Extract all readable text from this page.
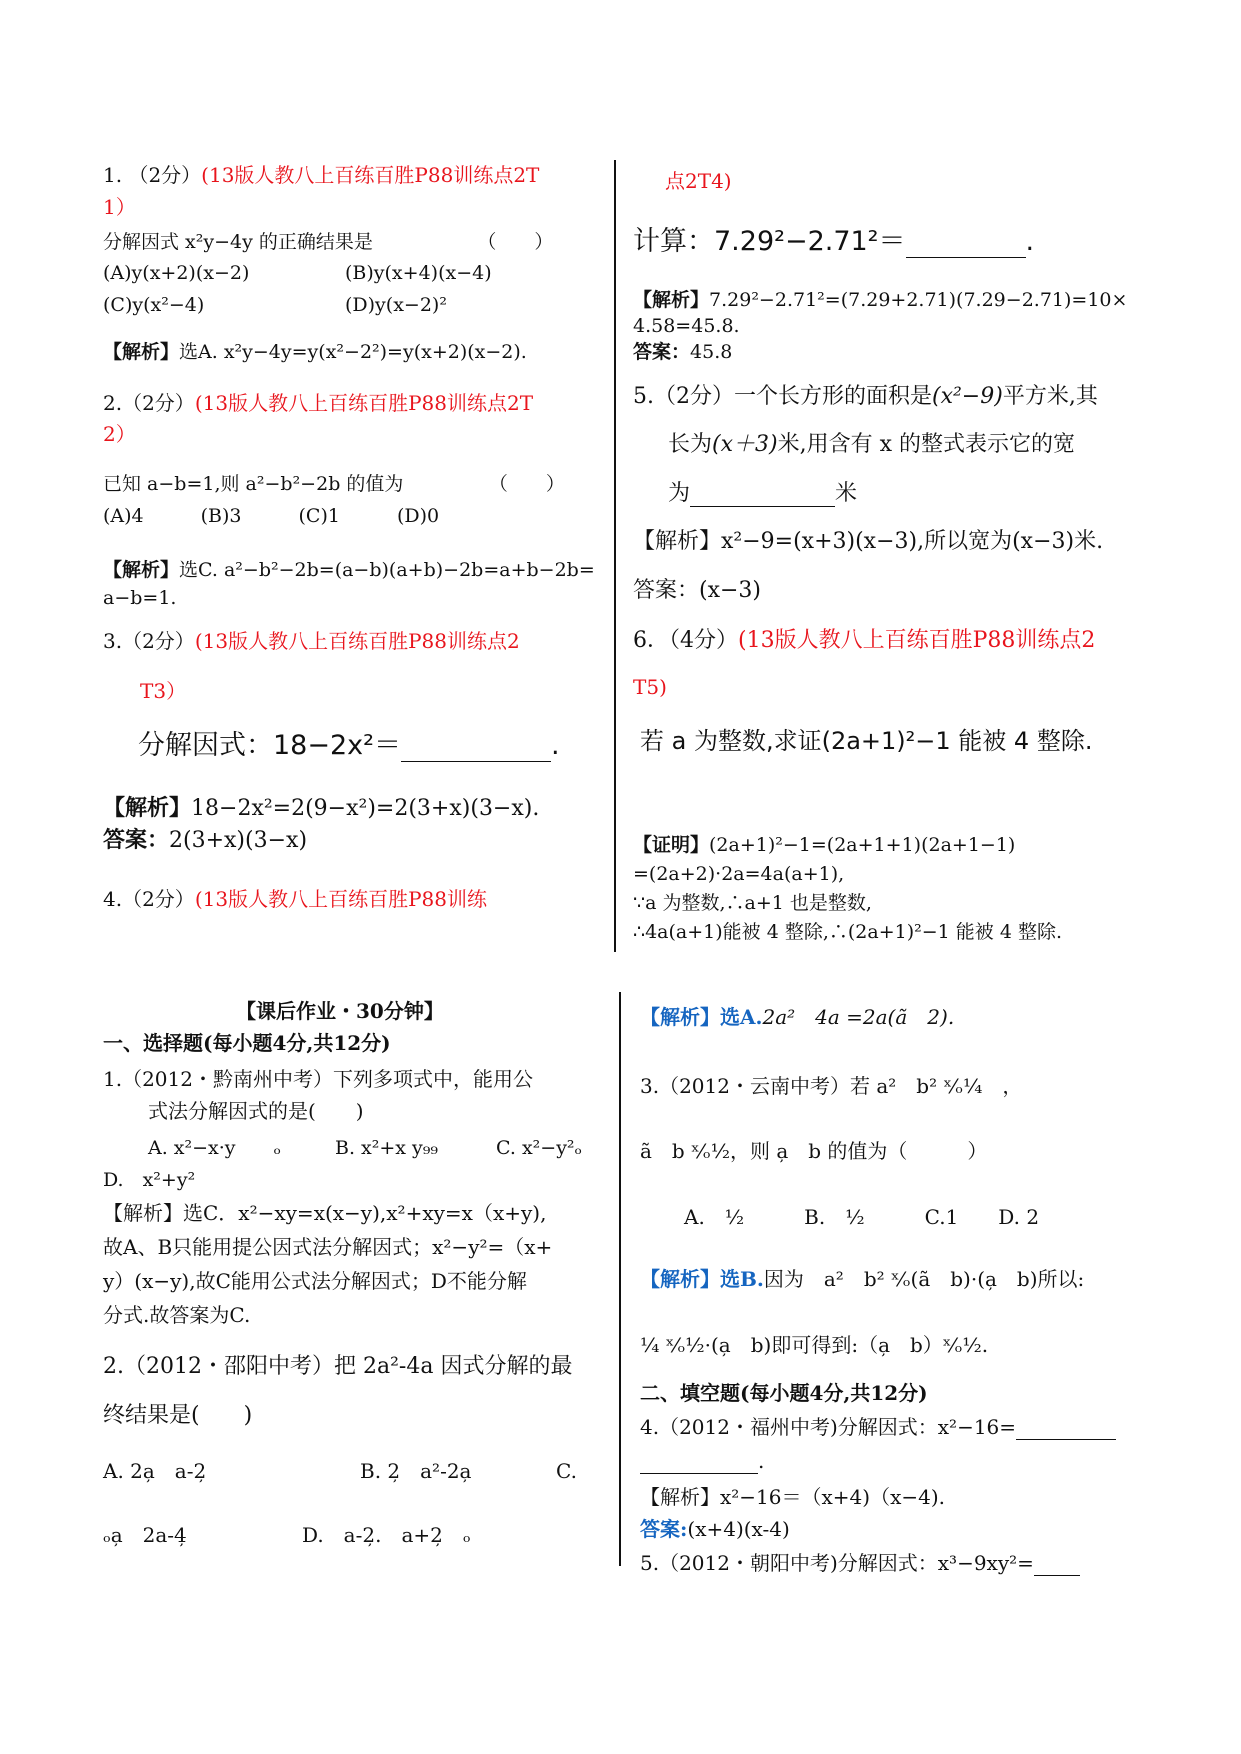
1. （2分）(13版人教八上百练百胜P88训练点2T
1）
分解因式 x²y−4y 的正确结果是　　　　　　（　　）
(A)y(x+2)(x−2)	(B)y(x+4)(x−4)
(C)y(x²−4)	(D)y(x−2)²
【解析】选A. x²y−4y=y(x²−2²)=y(x+2)(x−2).
2.（2分）(13版人教八上百练百胜P88训练点2T
2）
已知 a−b=1,则 a²−b²−2b 的值为　　　　　（　　）
(A)4　　　(B)3　　　(C)1　　　(D)0
【解析】选C. a²−b²−2b=(a−b)(a+b)−2b=a+b−2b=
a−b=1.
3.（2分）(13版人教八上百练百胜P88训练点2
T3）
分解因式：18−2x²＝	.
【解析】18−2x²=2(9−x²)=2(3+x)(3−x).
答案：2(3+x)(3−x)
4.（2分）(13版人教八上百练百胜P88训练
点2T4)
计算：7.29²−2.71²＝	.
【解析】7.29²−2.71²=(7.29+2.71)(7.29−2.71)=10×
4.58=45.8.
答案：45.8
5.（2分）一个长方形的面积是(x²−9)平方米,其
长为(x＋3)米,用含有 x 的整式表示它的宽
为	米
【解析】x²−9=(x+3)(x−3),所以宽为(x−3)米.
答案：(x−3)
6．（4分）(13版人教八上百练百胜P88训练点2
T5)
若 a 为整数,求证(2a+1)²−1 能被 4 整除.
【证明】(2a+1)²−1=(2a+1+1)(2a+1−1)
=(2a+2)·2a=4a(a+1),
∵a 为整数,∴a+1 也是整数,
∴4a(a+1)能被 4 整除,∴(2a+1)²−1 能被 4 整除.
【课后作业・30分钟】
一、选择题(每小题4分,共12分)
1.（2012・黔南州中考）下列多项式中，能用公
式法分解因式的是(　　)
A. x²−x·y　　ₒ	B. x²+x y₉₉	C. x²−y²ₒ
D.　x²+y²
【解析】选C．x²−xy=x(x−y),x²+xy=x（x+y),
故A、B只能用提公因式法分解因式；x²−y²=（x+
y）(x−y),故C能用公式法分解因式；D不能分解
分式.故答案为C.
2.（2012・邵阳中考）把 2a²-4a 因式分解的最
终结果是(　　)
A. 2a̦　a-2̦	B. 2̦　a²-2a̦	C.
ₒa̦　2a-4̦	D.　a-2̦.　a+2̦　ₒ
【解析】选A.2a²　4a =2a(ã　2).
3.（2012・云南中考）若 a²　b² ˣ⁄ₒ¼　，
ã　b ˣ⁄ₒ½，则 a̦　b 的值为（　　　）
A.　½　　　B.　½　　　C.1　　D. 2
【解析】选B.因为　a²　b² ˣ⁄ₒ(ã　b)·(a̦　b)所以:
¼ ˣ⁄ₒ½·(a̦　b)即可得到:（a̦　b）ˣ⁄ₒ½.
二、填空题(每小题4分,共12分)
4.（2012・福州中考)分解因式：x²−16=
.
【解析】x²−16＝（x+4)（x−4).
答案:(x+4)(x-4)
5.（2012・朝阳中考)分解因式：x³−9xy²=
